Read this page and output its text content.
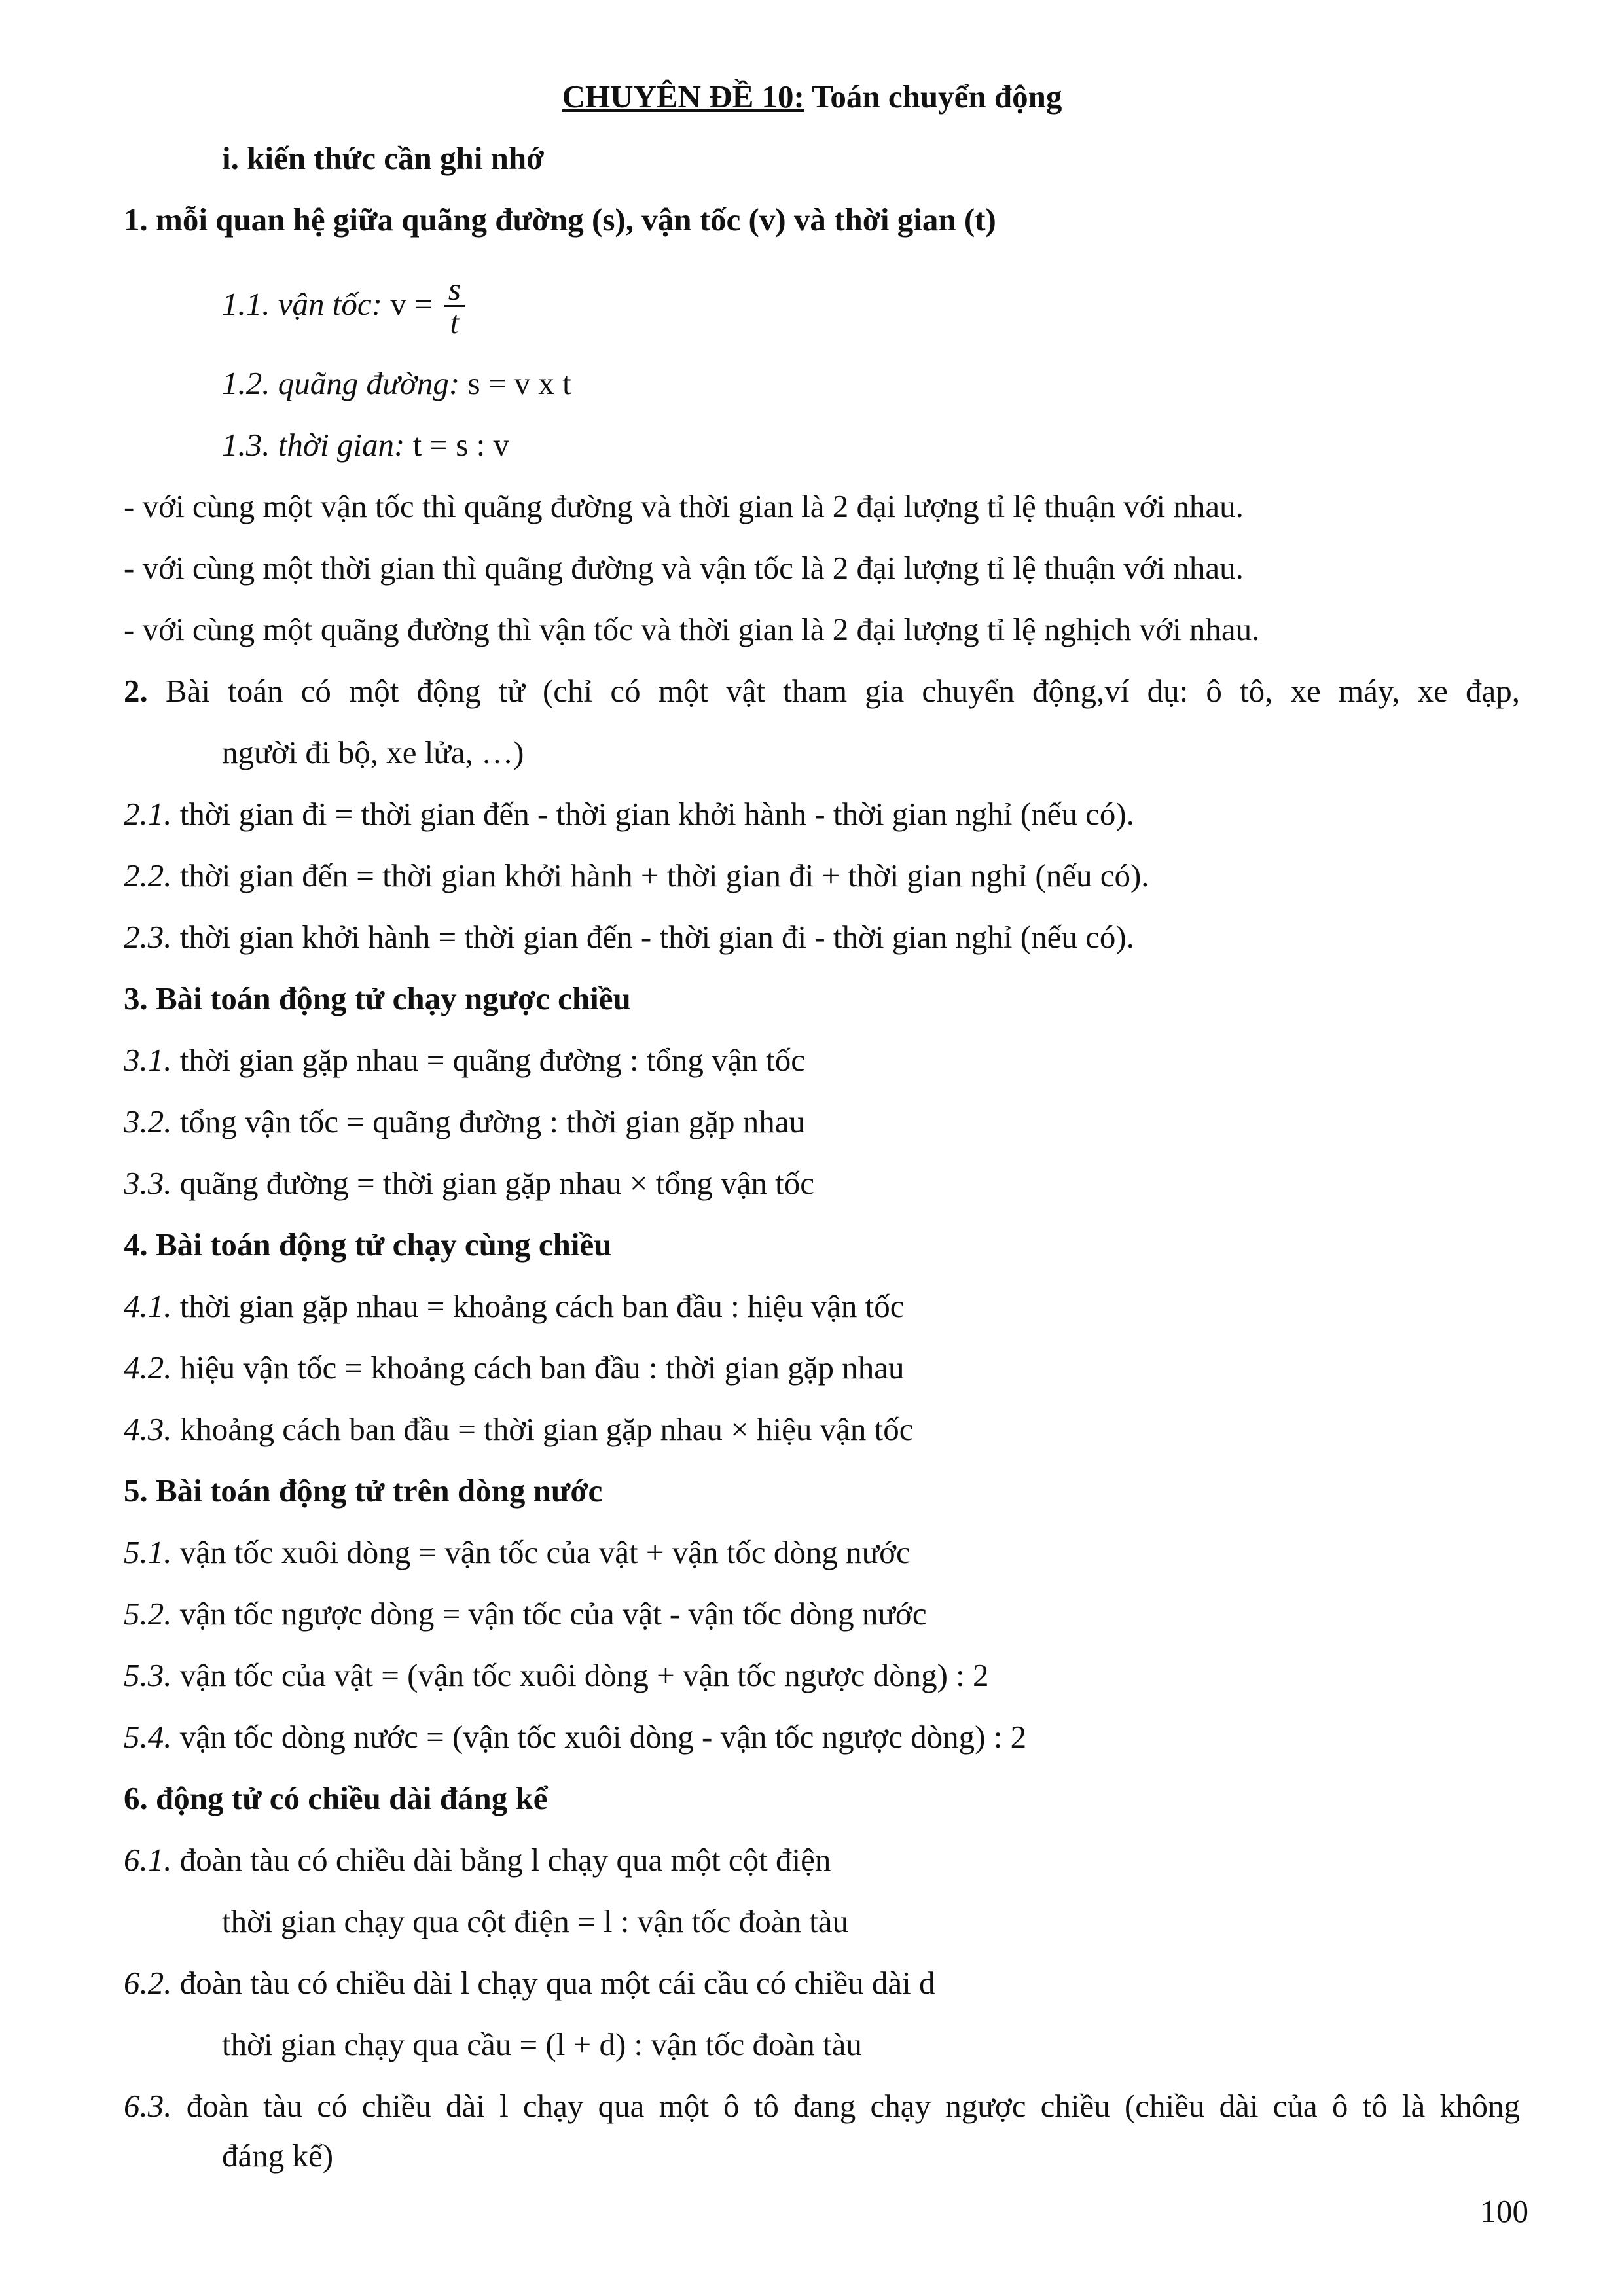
CHUYÊN ĐỀ 10: Toán chuyển động
i. kiến thức cần ghi nhớ
1. mỗi quan hệ giữa quãng đường (s), vận tốc (v) và thời gian (t)
1.1. vận tốc: $v = \frac{s}{t}$
1.2. quãng đường: s = v x t
1.3. thời gian: t = s : v
- với cùng một vận tốc thì quãng đường và thời gian là 2 đại lượng tỉ lệ thuận với nhau.
- với cùng một thời gian thì quãng đường và vận tốc là 2 đại lượng tỉ lệ thuận với nhau.
- với cùng một quãng đường thì vận tốc và thời gian là 2 đại lượng tỉ lệ nghịch với nhau.
2. Bài toán có một động tử (chỉ có một vật tham gia chuyển động,ví dụ: ô tô, xe máy, xe đạp,
người đi bộ, xe lửa, …)
2.1. thời gian đi = thời gian đến - thời gian khởi hành - thời gian nghỉ (nếu có).
2.2. thời gian đến = thời gian khởi hành + thời gian đi + thời gian nghỉ (nếu có).
2.3. thời gian khởi hành = thời gian đến - thời gian đi - thời gian nghỉ (nếu có).
3. Bài toán động tử chạy ngược chiều
3.1. thời gian gặp nhau = quãng đường : tổng vận tốc
3.2. tổng vận tốc = quãng đường : thời gian gặp nhau
3.3. quãng đường = thời gian gặp nhau × tổng vận tốc
4. Bài toán động tử chạy cùng chiều
4.1. thời gian gặp nhau = khoảng cách ban đầu : hiệu vận tốc
4.2. hiệu vận tốc = khoảng cách ban đầu : thời gian gặp nhau
4.3. khoảng cách ban đầu = thời gian gặp nhau × hiệu vận tốc
5. Bài toán động tử trên dòng nước
5.1. vận tốc xuôi dòng = vận tốc của vật + vận tốc dòng nước
5.2. vận tốc ngược dòng = vận tốc của vật - vận tốc dòng nước
5.3. vận tốc của vật = (vận tốc xuôi dòng + vận tốc ngược dòng) : 2
5.4. vận tốc dòng nước = (vận tốc xuôi dòng - vận tốc ngược dòng) : 2
6. động tử có chiều dài đáng kể
6.1. đoàn tàu có chiều dài bằng l chạy qua một cột điện
thời gian chạy qua cột điện = l : vận tốc đoàn tàu
6.2. đoàn tàu có chiều dài l chạy qua một cái cầu có chiều dài d
thời gian chạy qua cầu = (l + d) : vận tốc đoàn tàu
6.3. đoàn tàu có chiều dài l chạy qua một ô tô đang chạy ngược chiều (chiều dài của ô tô là không
đáng kể)
100
